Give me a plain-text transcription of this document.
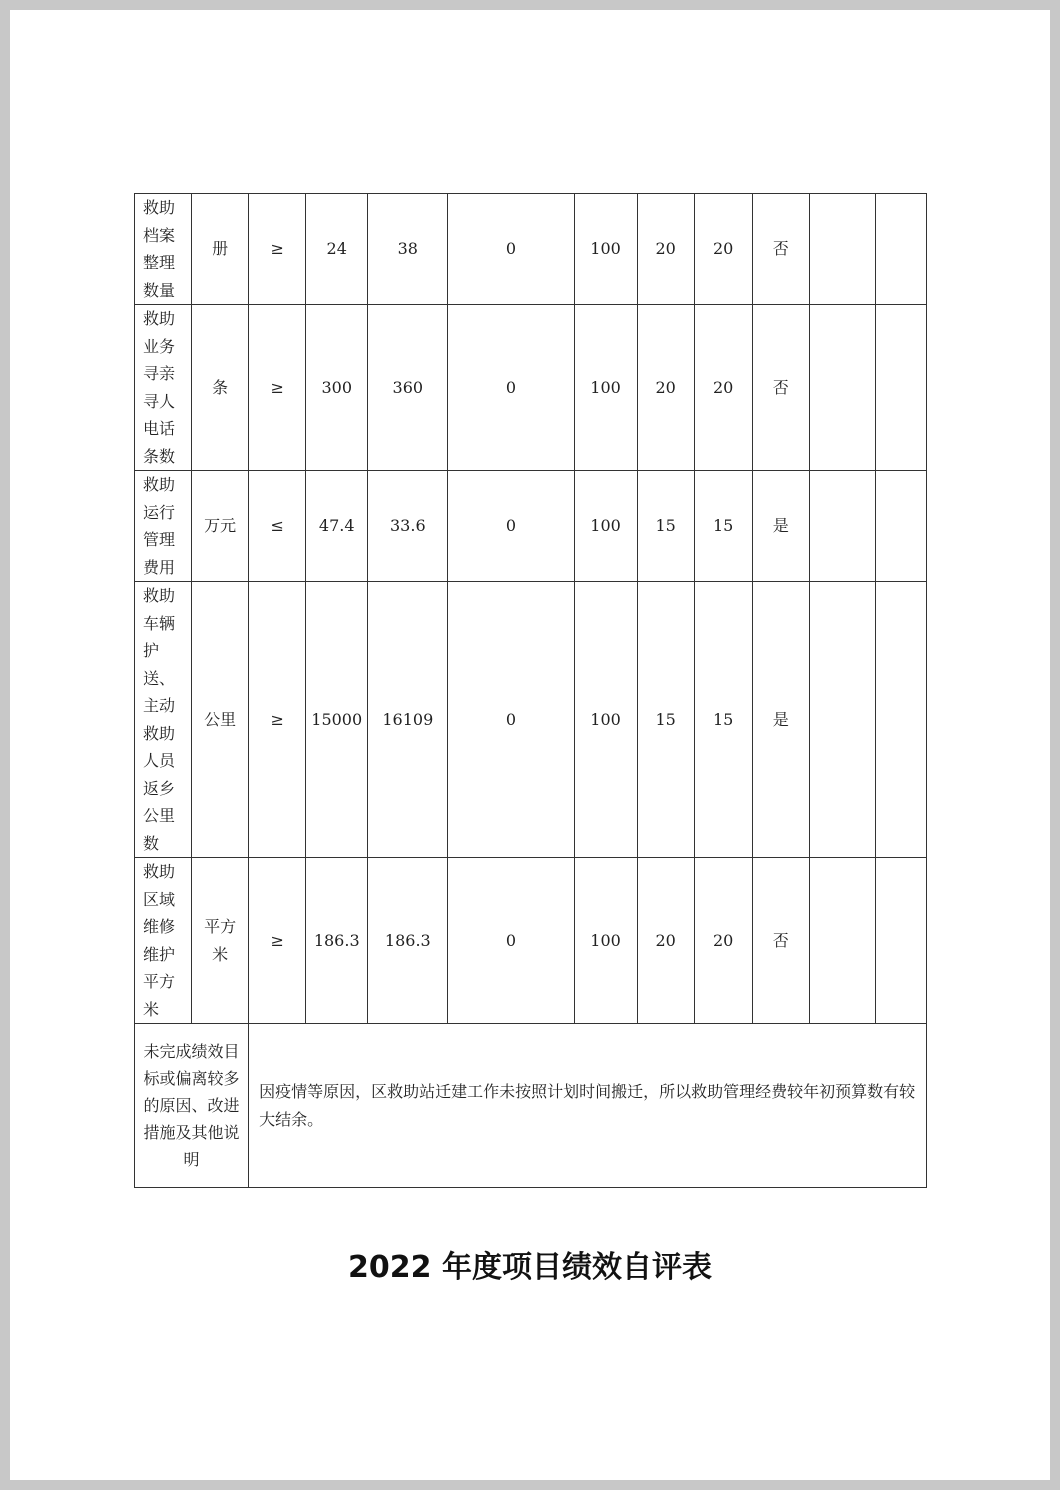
救助档案整理数量	册	≥	24	38	0	100	20	20	否		

救助业务寻亲寻人电话条数	条	≥	300	360	0	100	20	20	否		

救助运行管理费用	万元	≤	47.4	33.6	0	100	15	15	是		

救助车辆护送、主动救助人员返乡公里数	公里	≥	15000	16109	0	100	15	15	是		

救助区域维修维护平方米	平方米	≥	186.3	186.3	0	100	20	20	否		
未完成绩效目标或偏离较多的原因、改进措施及其他说明		因疫情等原因，区救助站迁建工作未按照计划时间搬迁，所以救助管理经费较年初预算数有较大结余。									
2022 年度项目绩效自评表
